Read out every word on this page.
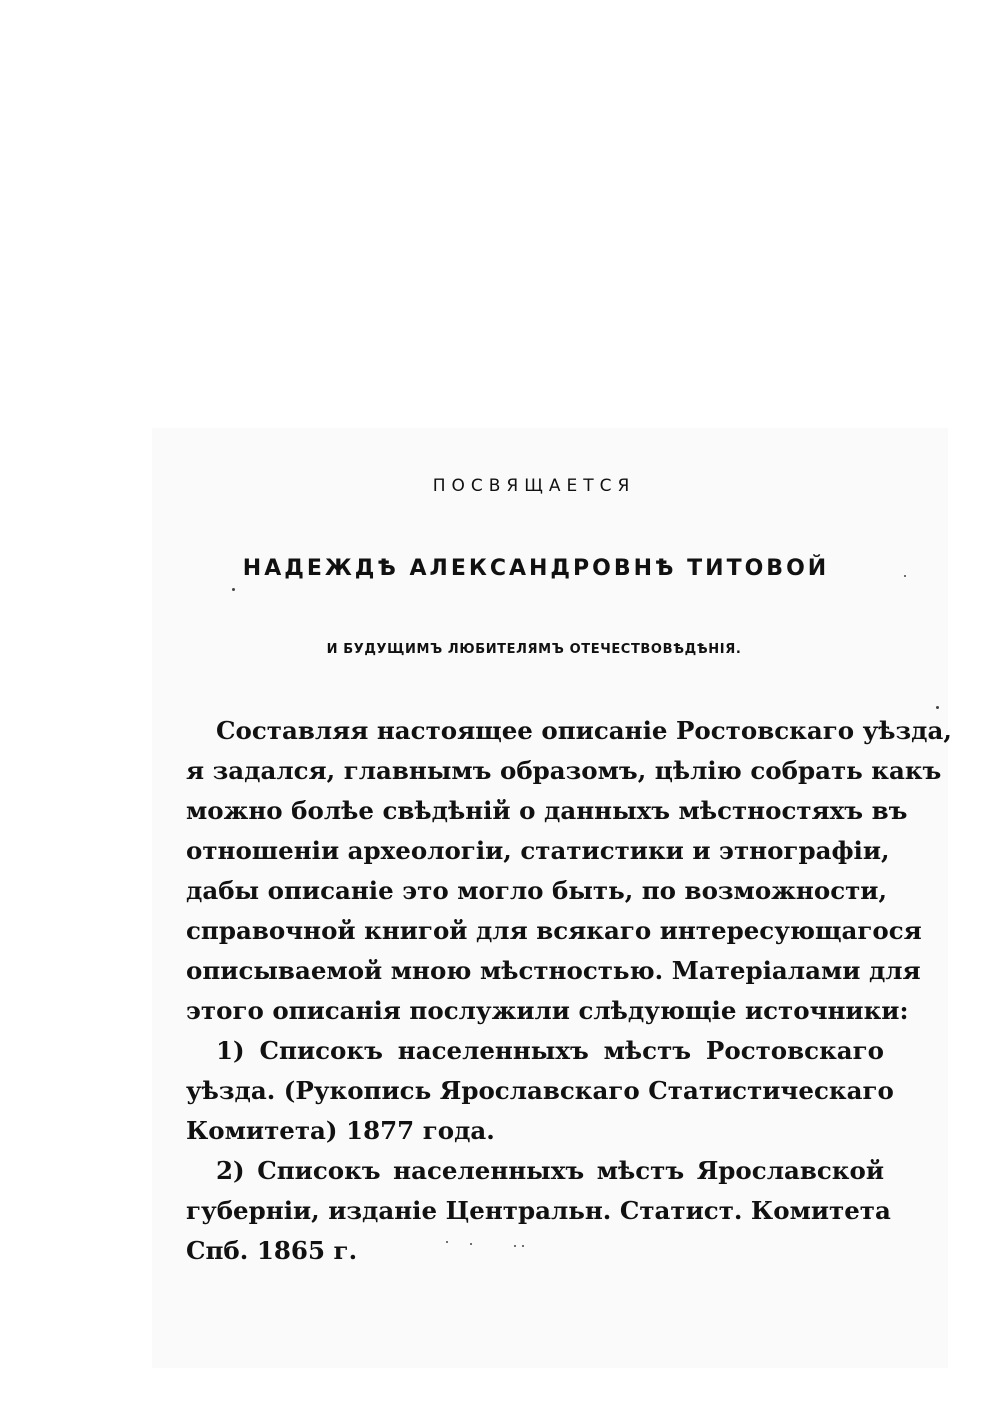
ПОСВЯЩАЕТСЯ
НАДЕЖДѢ АЛЕКСАНДРОВНѢ ТИТОВОЙ
И БУДУЩИМЪ ЛЮБИТЕЛЯМЪ ОТЕЧЕСТВОВѢДѢНІЯ.
Составляя настоящее описаніе Ростовскаго уѣзда,
я задался, главнымъ образомъ, цѣлію собрать какъ
можно болѣе свѣдѣній о данныхъ мѣстностяхъ въ
отношеніи археологіи, статистики и этнографіи,
дабы описаніе это могло быть, по возможности,
справочной книгой для всякаго интересующагося
описываемой мною мѣстностью. Матеріалами для
этого описанія послужили слѣдующіе источники:
1) Списокъ населенныхъ мѣстъ Ростовскаго
уѣзда. (Рукопись Ярославскаго Статистическаго
Комитета) 1877 года.
2) Списокъ населенныхъ мѣстъ Ярославской
губерніи, изданіе Центральн. Статист. Комитета
Спб. 1865 г.
